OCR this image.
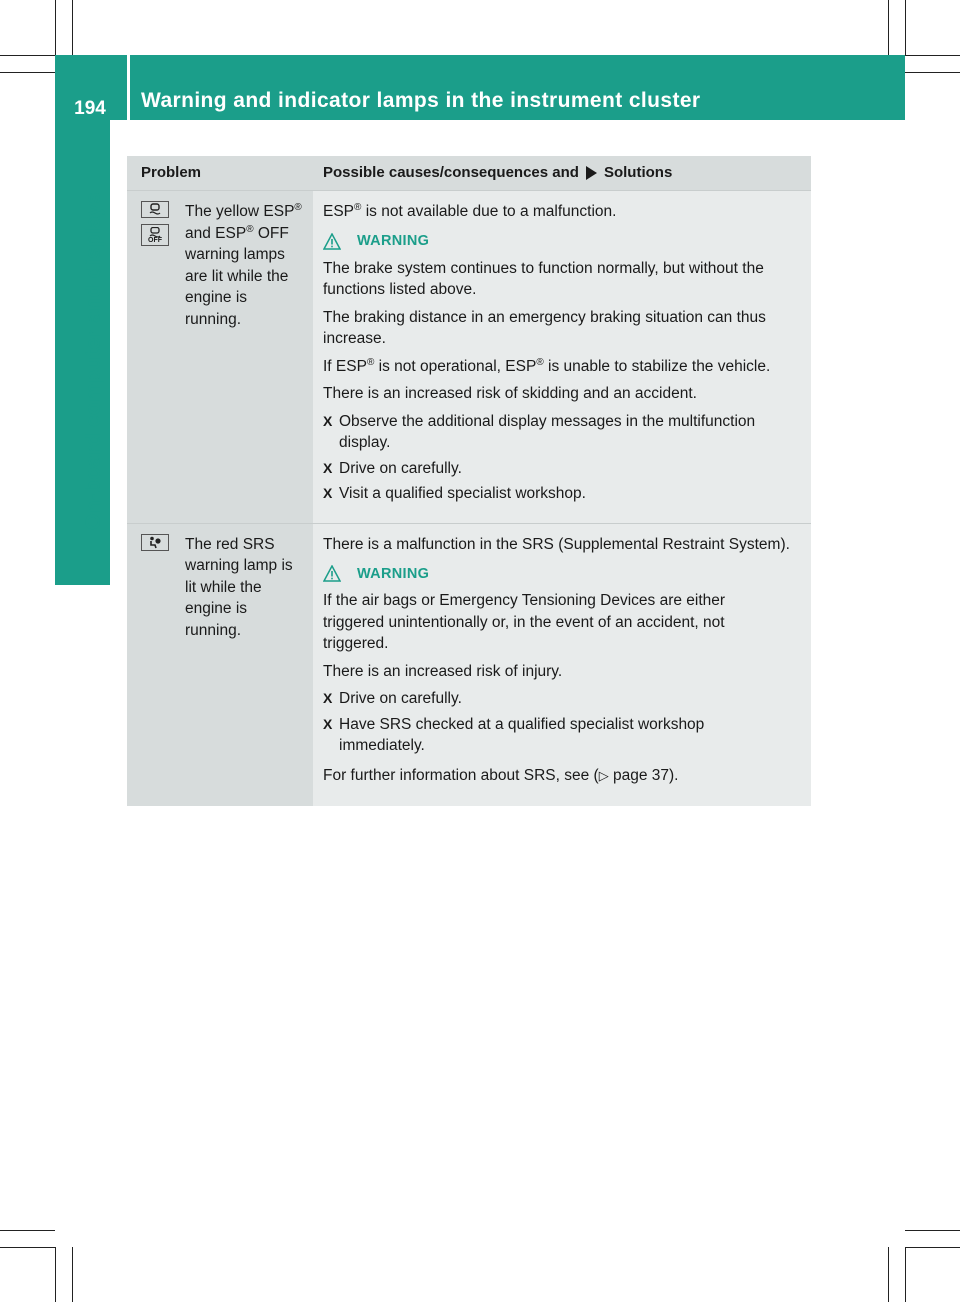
194	Warning and indicator lamps in the instrument cluster
On-board computer and displays
Problem	Possible causes/consequences and Solutions
OFF
The yellow ESP®
and ESP® OFF
warning lamps
are lit while the
engine is
running.

ESP® is not available due to a malfunction.

WARNING

The brake system continues to function normally, but without the functions listed above.

The braking distance in an emergency braking situation can thus increase.

If ESP® is not operational, ESP® is unable to stabilize the vehicle.

There is an increased risk of skidding and an accident.

X Observe the additional display messages in the multifunction display.
X Drive on carefully.
X Visit a qualified specialist workshop.
The red SRS warning lamp is lit while the engine is running.

There is a malfunction in the SRS (Supplemental Restraint System).

WARNING

If the air bags or Emergency Tensioning Devices are either triggered unintentionally or, in the event of an accident, not triggered.

There is an increased risk of injury.

X Drive on carefully.
X Have SRS checked at a qualified specialist workshop immediately.

For further information about SRS, see (▷ page 37).
